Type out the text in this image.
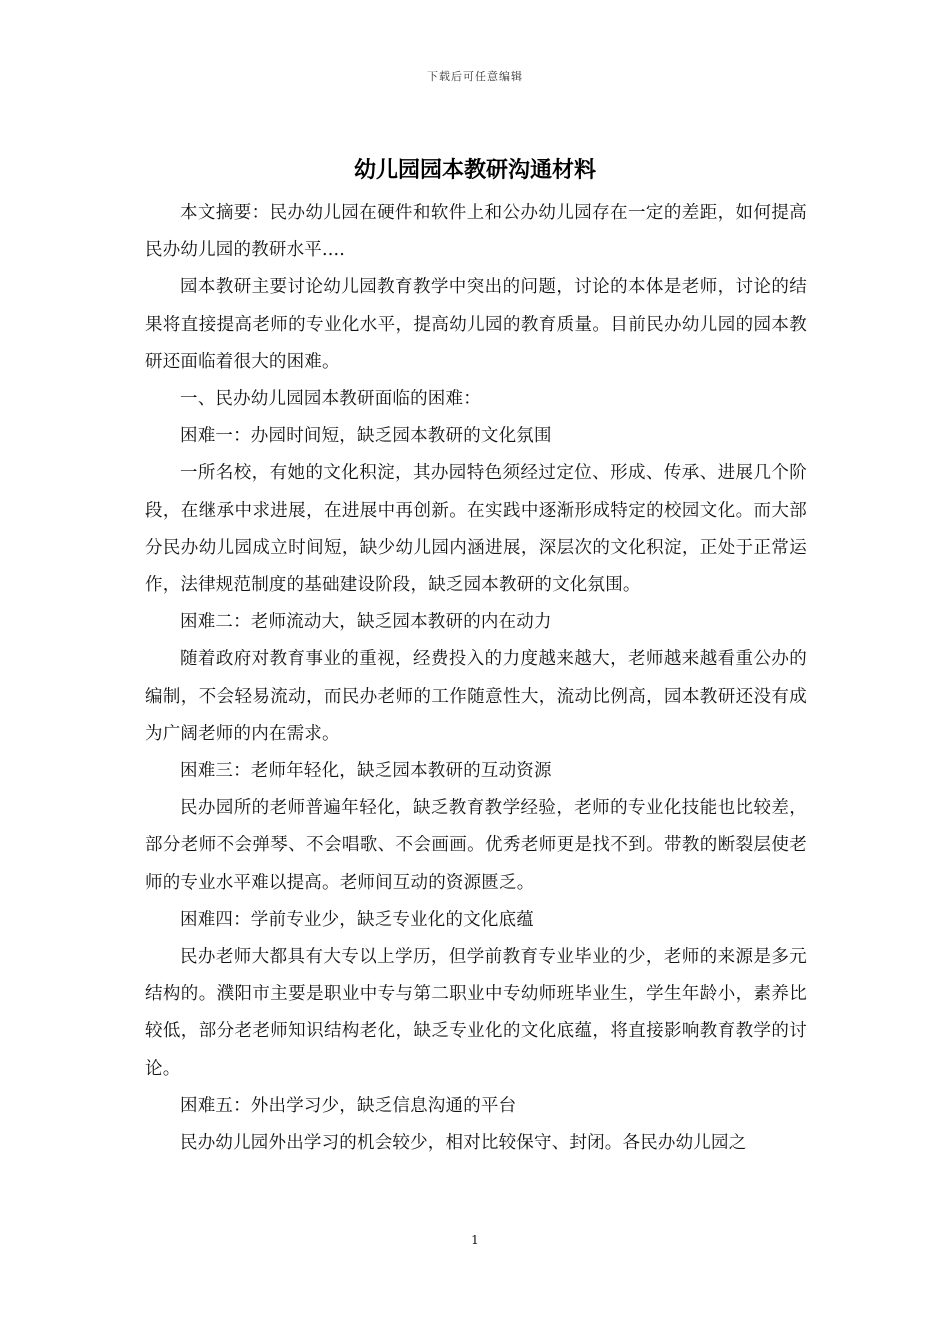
下载后可任意编辑
幼儿园园本教研沟通材料

本文摘要：民办幼儿园在硬件和软件上和公办幼儿园存在一定的差距，如何提高民办幼儿园的教研水平....

园本教研主要讨论幼儿园教育教学中突出的问题，讨论的本体是老师，讨论的结果将直接提高老师的专业化水平，提高幼儿园的教育质量。目前民办幼儿园的园本教研还面临着很大的困难。

一、民办幼儿园园本教研面临的困难：

困难一：办园时间短，缺乏园本教研的文化氛围

一所名校，有她的文化积淀，其办园特色须经过定位、形成、传承、进展几个阶段，在继承中求进展，在进展中再创新。在实践中逐渐形成特定的校园文化。而大部分民办幼儿园成立时间短，缺少幼儿园内涵进展，深层次的文化积淀，正处于正常运作，法律规范制度的基础建设阶段，缺乏园本教研的文化氛围。

困难二：老师流动大，缺乏园本教研的内在动力

随着政府对教育事业的重视，经费投入的力度越来越大，老师越来越看重公办的编制，不会轻易流动，而民办老师的工作随意性大，流动比例高，园本教研还没有成为广阔老师的内在需求。

困难三：老师年轻化，缺乏园本教研的互动资源

民办园所的老师普遍年轻化，缺乏教育教学经验，老师的专业化技能也比较差，部分老师不会弹琴、不会唱歌、不会画画。优秀老师更是找不到。带教的断裂层使老师的专业水平难以提高。老师间互动的资源匮乏。

困难四：学前专业少，缺乏专业化的文化底蕴

民办老师大都具有大专以上学历，但学前教育专业毕业的少，老师的来源是多元结构的。濮阳市主要是职业中专与第二职业中专幼师班毕业生，学生年龄小，素养比较低，部分老老师知识结构老化，缺乏专业化的文化底蕴，将直接影响教育教学的讨论。

困难五：外出学习少，缺乏信息沟通的平台

民办幼儿园外出学习的机会较少，相对比较保守、封闭。各民办幼儿园之

1
